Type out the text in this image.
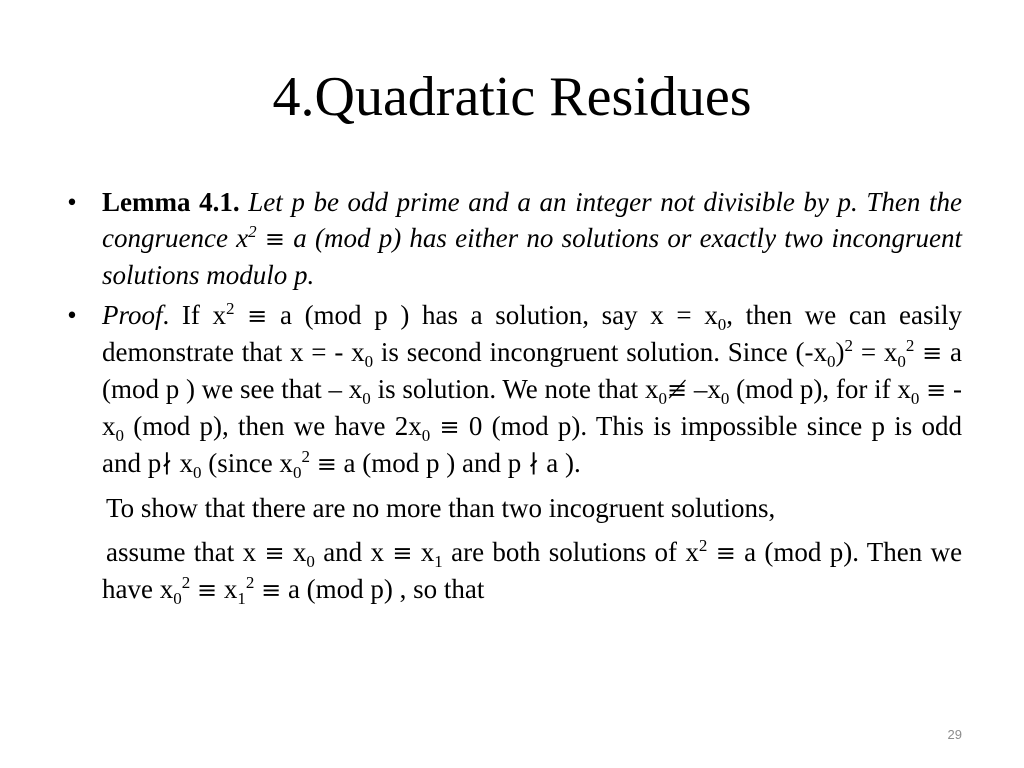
4.Quadratic Residues

• Lemma 4.1. Let p be odd prime and a an integer not divisible by p. Then the congruence $x^2 \equiv a$ (mod p) has either no solutions or exactly two incongruent solutions modulo p.

• Proof. If $x^2 \equiv a$ (mod p ) has a solution, say $x = x_0$, then we can easily demonstrate that x = - $x_0$ is second incongruent solution. Since $(-x_0)^2 = x_0^2 \equiv a$ (mod p ) we see that – $x_0$ is solution. We note that $x_0≢$ $-x_0$ (mod p), for if $x_0$ ≡ - $x_0$ (mod p), then we have $2x_0 \equiv 0$ (mod p). This is impossible since p is odd and p∤ $x_0$ (since $x_0^2 \equiv a$ (mod p ) and p ∤ a ).

To show that there are no more than two incogruent solutions,

assume that $x \equiv x_0$ and $x \equiv x_1$ are both solutions of $x^2 \equiv a$ (mod p). Then we have $x_0^2 \equiv x_1^2 \equiv a$ (mod p) , so that

29
